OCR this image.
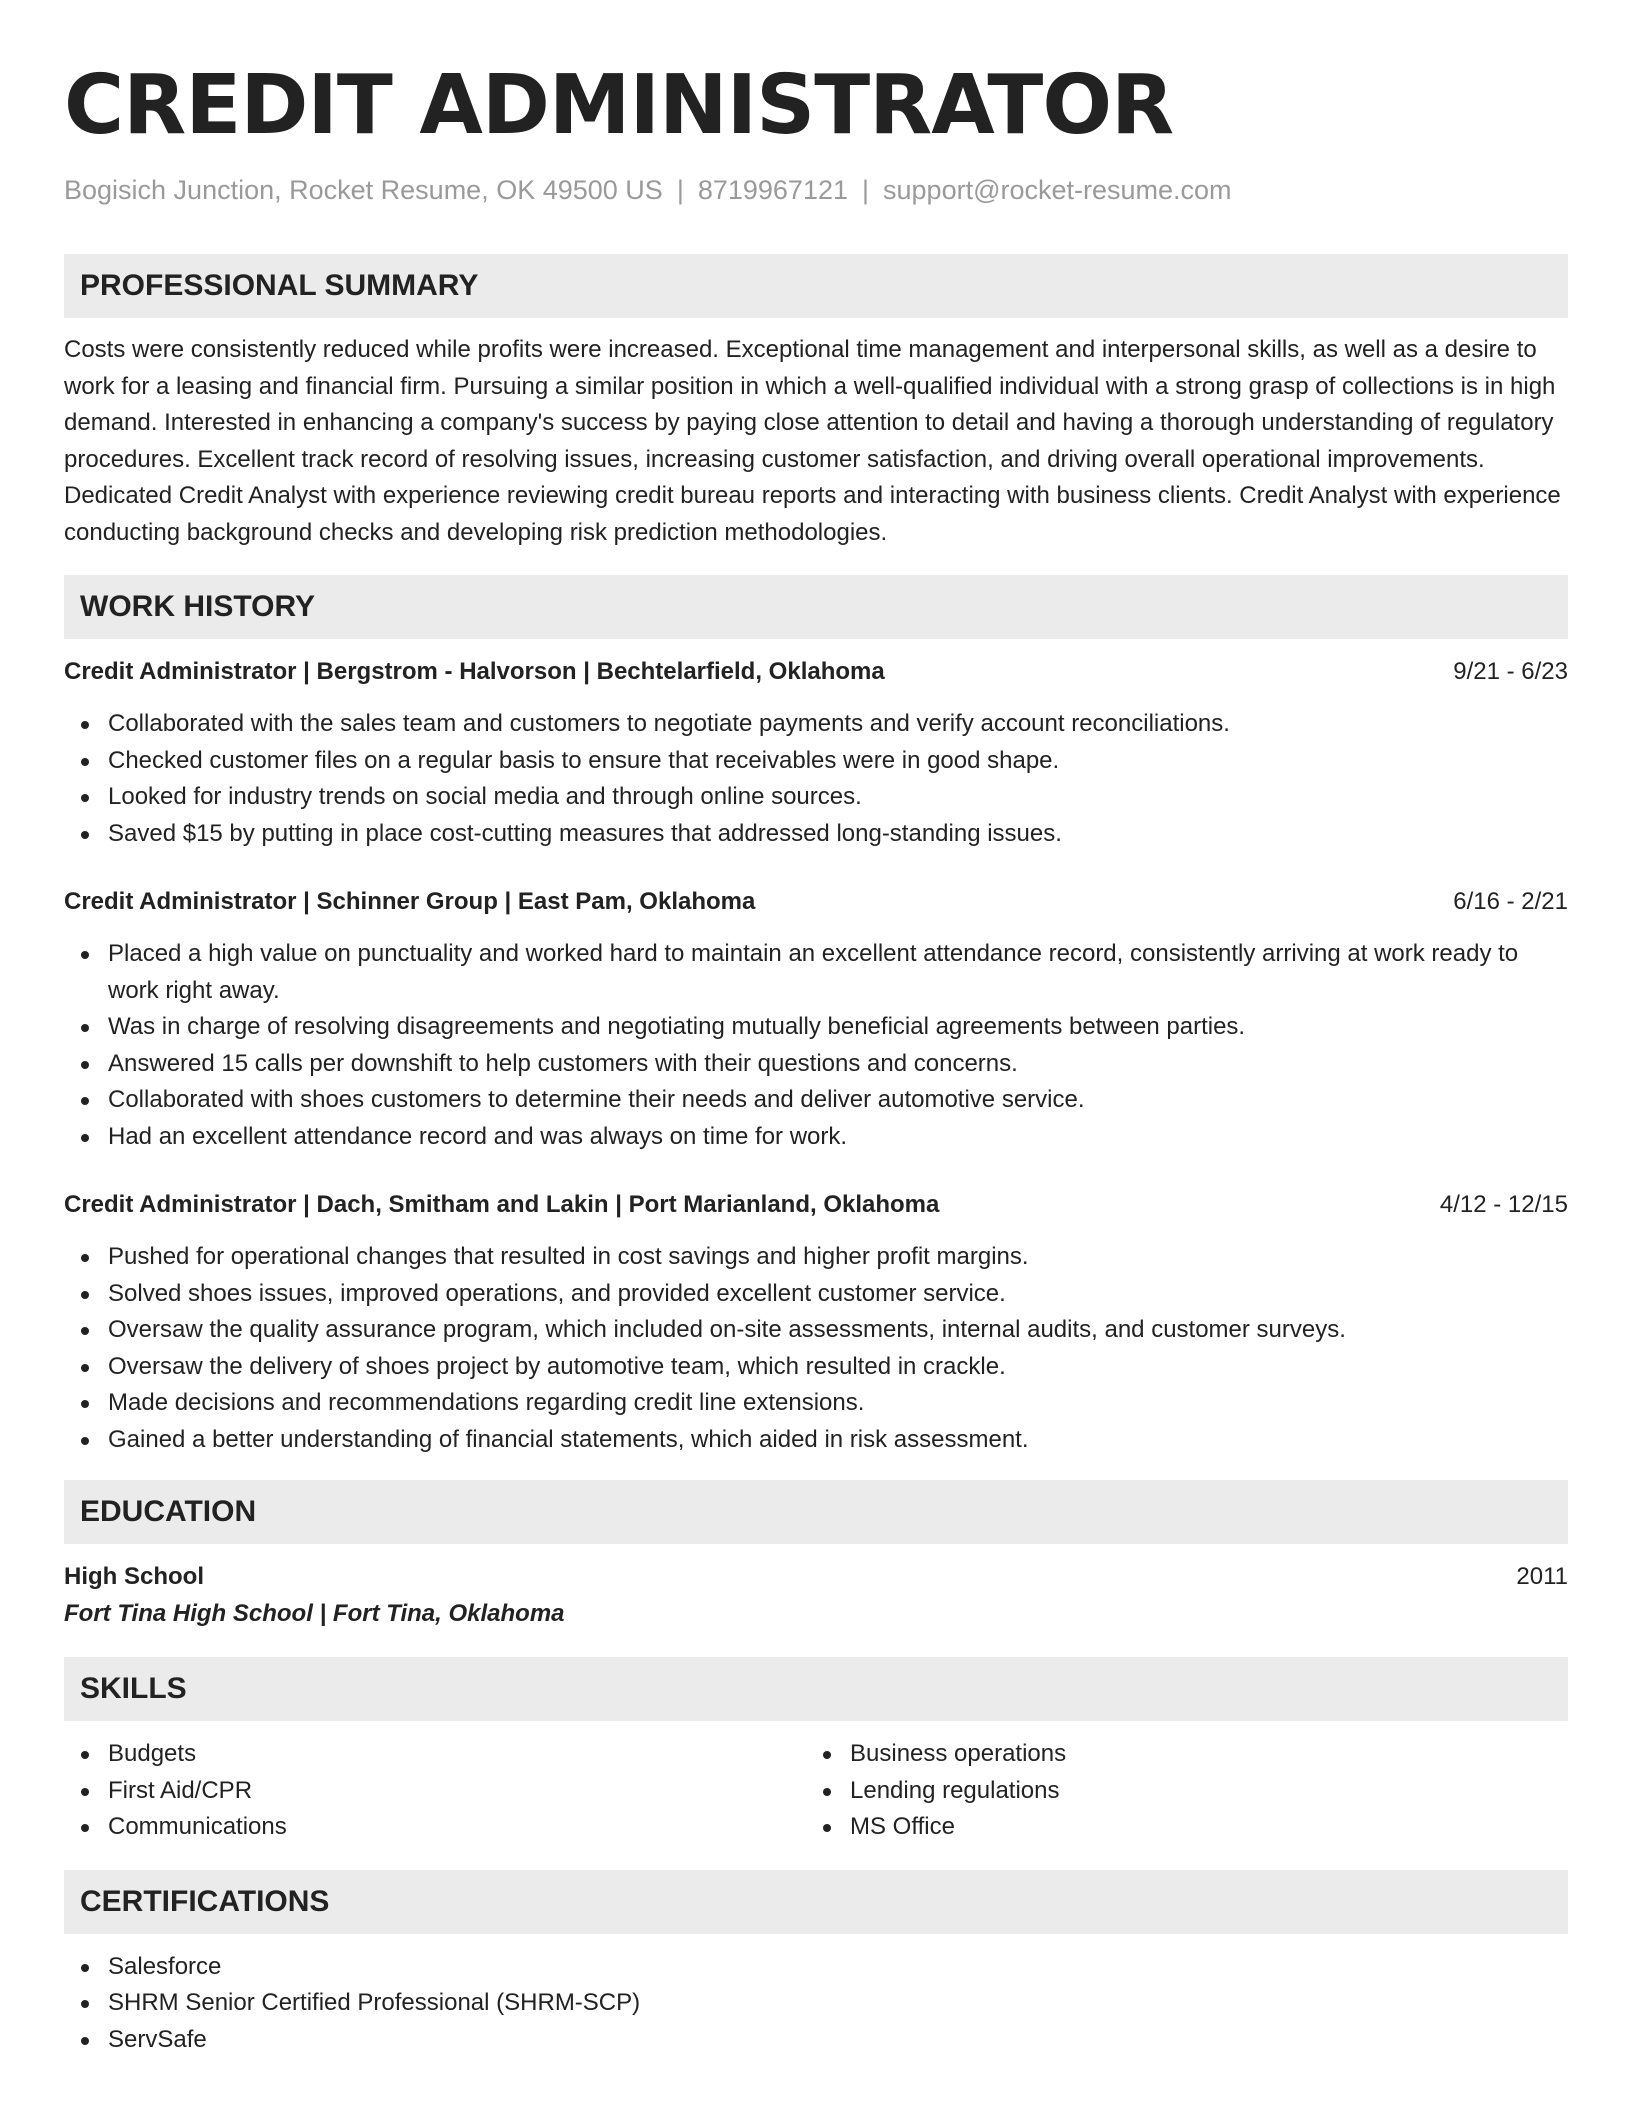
CREDIT ADMINISTRATOR
Bogisich Junction, Rocket Resume, OK 49500 US | 8719967121 | support@rocket-resume.com
PROFESSIONAL SUMMARY

Costs were consistently reduced while profits were increased. Exceptional time management and interpersonal skills, as well as a desire to work for a leasing and financial firm. Pursuing a similar position in which a well-qualified individual with a strong grasp of collections is in high demand. Interested in enhancing a company's success by paying close attention to detail and having a thorough understanding of regulatory procedures. Excellent track record of resolving issues, increasing customer satisfaction, and driving overall operational improvements. Dedicated Credit Analyst with experience reviewing credit bureau reports and interacting with business clients. Credit Analyst with experience conducting background checks and developing risk prediction methodologies.

WORK HISTORY
Credit Administrator | Bergstrom - Halvorson | Bechtelarfield, Oklahoma	9/21 - 6/23
Collaborated with the sales team and customers to negotiate payments and verify account reconciliations.
Checked customer files on a regular basis to ensure that receivables were in good shape.
Looked for industry trends on social media and through online sources.
Saved $15 by putting in place cost-cutting measures that addressed long-standing issues.
Credit Administrator | Schinner Group | East Pam, Oklahoma	6/16 - 2/21
Placed a high value on punctuality and worked hard to maintain an excellent attendance record, consistently arriving at work ready to work right away.
Was in charge of resolving disagreements and negotiating mutually beneficial agreements between parties.
Answered 15 calls per downshift to help customers with their questions and concerns.
Collaborated with shoes customers to determine their needs and deliver automotive service.
Had an excellent attendance record and was always on time for work.
Credit Administrator | Dach, Smitham and Lakin | Port Marianland, Oklahoma	4/12 - 12/15
Pushed for operational changes that resulted in cost savings and higher profit margins.
Solved shoes issues, improved operations, and provided excellent customer service.
Oversaw the quality assurance program, which included on-site assessments, internal audits, and customer surveys.
Oversaw the delivery of shoes project by automotive team, which resulted in crackle.
Made decisions and recommendations regarding credit line extensions.
Gained a better understanding of financial statements, which aided in risk assessment.
EDUCATION
High School	2011
Fort Tina High School | Fort Tina, Oklahoma
SKILLS
Budgets
First Aid/CPR
Communications
Business operations
Lending regulations
MS Office
CERTIFICATIONS
Salesforce
SHRM Senior Certified Professional (SHRM-SCP)
ServSafe
